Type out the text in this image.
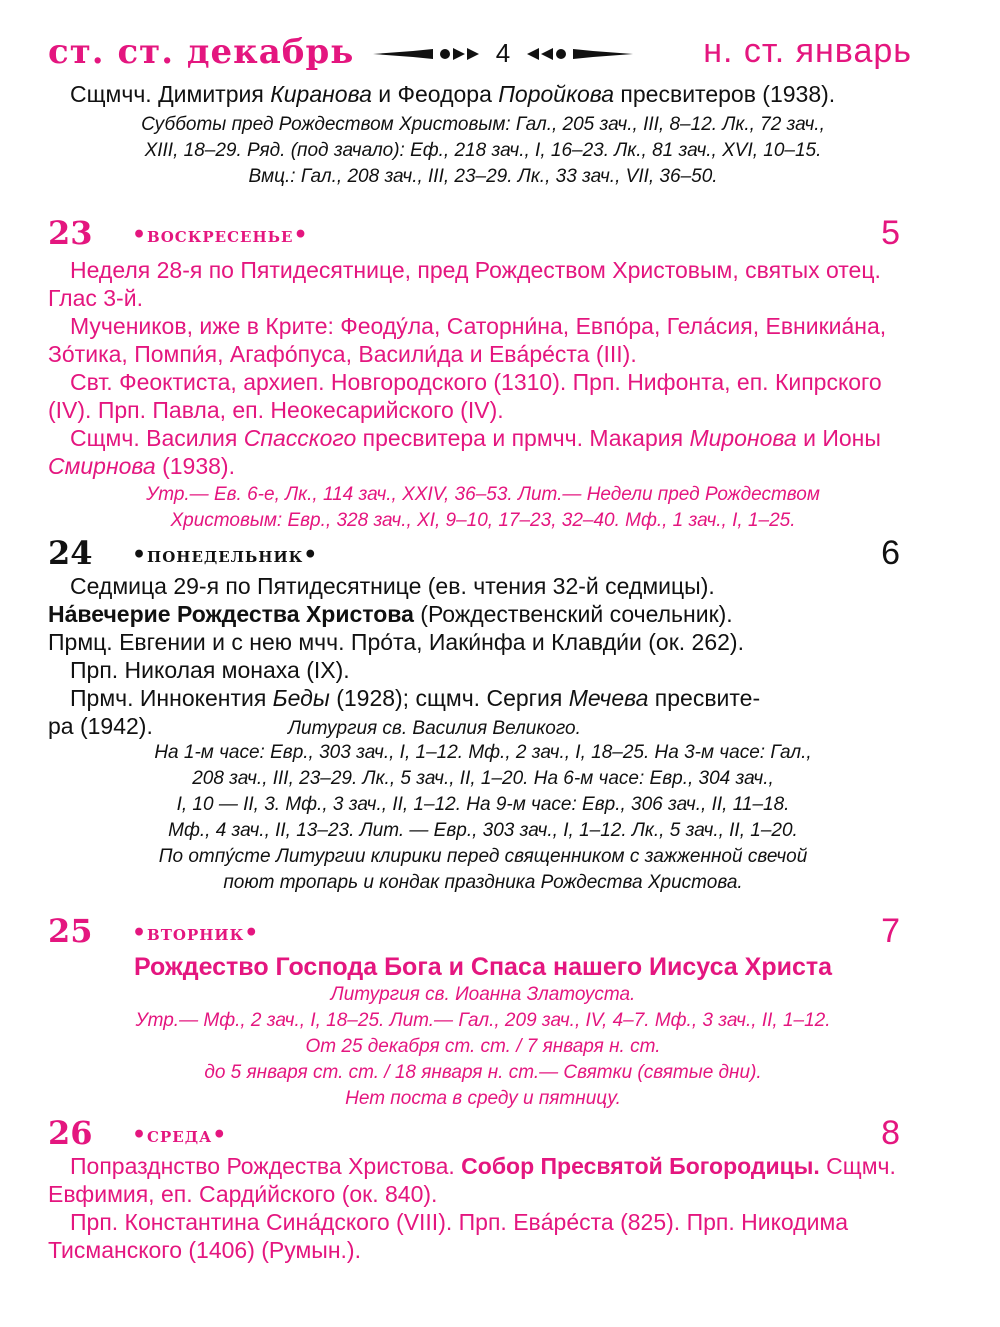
ст. ст. декабрь	4	н. ст. январь

Сщмчч. Димитрия Киранова и Феодора Поройкова пресвитеров (1938).

Субботы пред Рождеством Христовым: Гал., 205 зач., III, 8–12. Лк., 72 зач.,

XIII, 18–29. Ряд. (под зачало): Еф., 218 зач., I, 16–23. Лк., 81 зач., XVI, 10–15.

Вмц.: Гал., 208 зач., III, 23–29. Лк., 33 зач., VII, 36–50.

23 •воскресенье•	5

Неделя 28-я по Пятидесятнице, пред Рождеством Христовым, святых отец. Глас 3-й.

Мучеников, иже в Крите: Феоду́ла, Саторни́на, Евпо́ра, Гела́сия, Евникиа́на, Зо́тика, Помпи́я, Агафо́пуса, Васили́да и Евáре́ста (III).

Свт. Феоктиста, архиеп. Новгородского (1310). Прп. Нифонта, еп. Кипрского (IV). Прп. Павла, еп. Неокесарийского (IV).

Сщмч. Василия Спасского пресвитера и прмчч. Макария Миронова и Ионы Смирнова (1938).

Утр.— Ев. 6-е, Лк., 114 зач., XXIV, 36–53. Лит.— Недели пред Рождеством

Христовым: Евр., 328 зач., XI, 9–10, 17–23, 32–40. Мф., 1 зач., I, 1–25.

24 •понедельник•	6

Седмица 29-я по Пятидесятнице (ев. чтения 32-й седмицы).

На́вечерие Рождества Христова (Рождественский сочельник).

Прмц. Евгении и с нею мчч. Про́та, Иаки́нфа и Клавди́и (ок. 262).

Прп. Николая монаха (IX).

Прмч. Иннокентия Беды (1928); сщмч. Сергия Мечева пресвите-

ра (1942).	Литургия св. Василия Великого.

На 1-м часе: Евр., 303 зач., I, 1–12. Мф., 2 зач., I, 18–25. На 3-м часе: Гал.,

208 зач., III, 23–29. Лк., 5 зач., II, 1–20. На 6-м часе: Евр., 304 зач.,

I, 10 — II, 3. Мф., 3 зач., II, 1–12. На 9-м часе: Евр., 306 зач., II, 11–18.

Мф., 4 зач., II, 13–23. Лит. — Евр., 303 зач., I, 1–12. Лк., 5 зач., II, 1–20.

По отпу́сте Литургии клирики перед священником с зажженной свечой

поют тропарь и кондак праздника Рождества Христова.

25 •вторник•	7

Рождество Господа Бога и Спаса нашего Иисуса Христа

Литургия св. Иоанна Златоуста.

Утр.— Мф., 2 зач., I, 18–25. Лит.— Гал., 209 зач., IV, 4–7. Мф., 3 зач., II, 1–12.

От 25 декабря ст. ст. / 7 января н. ст.

до 5 января ст. ст. / 18 января н. ст.— Святки (святые дни).

Нет поста в среду и пятницу.

26 •среда•	8

Попразднство Рождества Христова. Собор Пресвятой Богородицы. Сщмч. Евфимия, еп. Сарди́йского (ок. 840).

Прп. Константина Сина́дского (VIII). Прп. Евáре́ста (825). Прп. Никодима Тисманского (1406) (Румын.).
